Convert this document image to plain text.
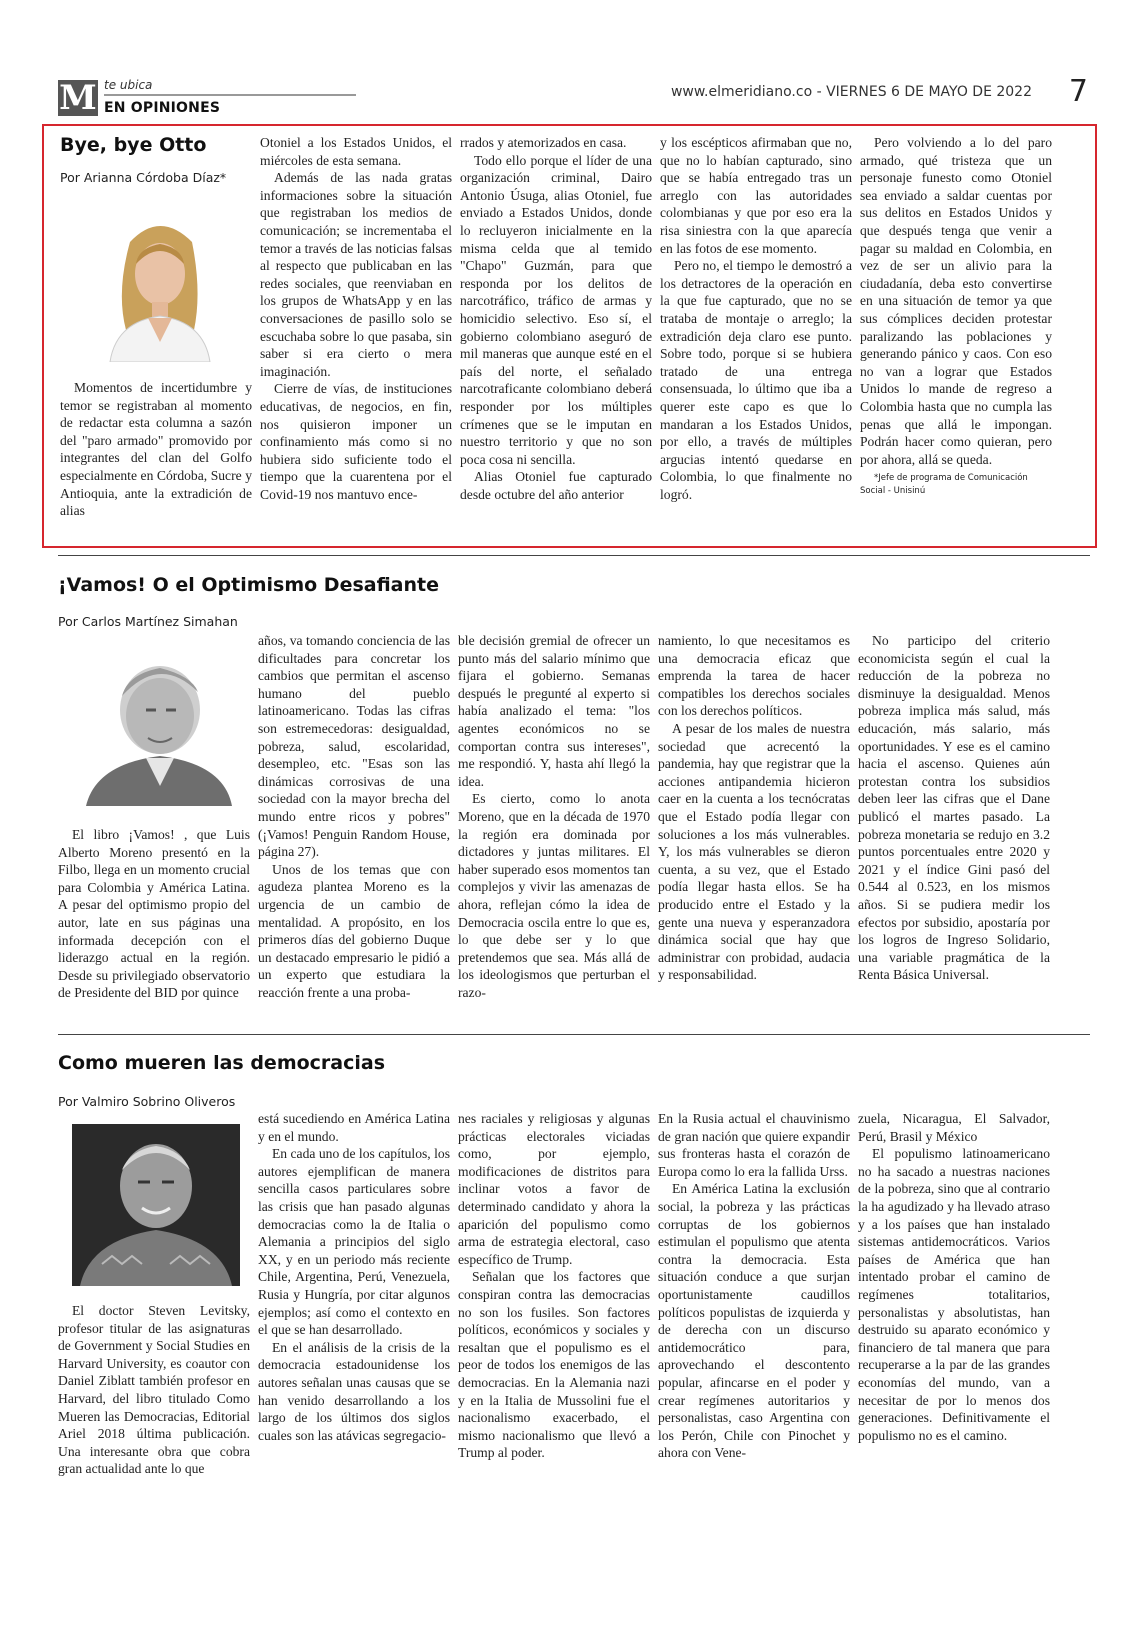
M te ubica
EN OPINIONES
www.elmeridiano.co - VIERNES 6 DE MAYO DE 2022 7
Bye, bye Otto
Por Arianna Córdoba Díaz*

Momentos de incertidumbre y temor se registraban al momento de redactar esta columna a sazón del "paro armado" promovido por integrantes del clan del Golfo especialmente en Córdoba, Sucre y Antioquia, ante la extradición de alias

Otoniel a los Estados Unidos, el miércoles de esta semana.

Además de las nada gratas informaciones sobre la situación que registraban los medios de comunicación; se incrementaba el temor a través de las noticias falsas al respecto que publicaban en las redes sociales, que reenviaban en los grupos de WhatsApp y en las conversaciones de pasillo solo se escuchaba sobre lo que pasaba, sin saber si era cierto o mera imaginación.

Cierre de vías, de instituciones educativas, de negocios, en fin, nos quisieron imponer un confinamiento más como si no hubiera sido suficiente todo el tiempo que la cuarentena por el Covid-19 nos mantuvo ence-

rrados y atemorizados en casa.

Todo ello porque el líder de una organización criminal, Dairo Antonio Úsuga, alias Otoniel, fue enviado a Estados Unidos, donde lo recluyeron inicialmente en la misma celda que al temido "Chapo" Guzmán, para que responda por los delitos de narcotráfico, tráfico de armas y homicidio selectivo. Eso sí, el gobierno colombiano aseguró de mil maneras que aunque esté en el país del norte, el señalado narcotraficante colombiano deberá responder por los múltiples crímenes que se le imputan en nuestro territorio y que no son poca cosa ni sencilla.

Alias Otoniel fue capturado desde octubre del año anterior

y los escépticos afirmaban que no, que no lo habían capturado, sino que se había entregado tras un arreglo con las autoridades colombianas y que por eso era la risa siniestra con la que aparecía en las fotos de ese momento.

Pero no, el tiempo le demostró a los detractores de la operación en la que fue capturado, que no se trataba de montaje o arreglo; la extradición deja claro ese punto. Sobre todo, porque si se hubiera tratado de una entrega consensuada, lo último que iba a querer este capo es que lo mandaran a los Estados Unidos, por ello, a través de múltiples argucias intentó quedarse en Colombia, lo que finalmente no logró.

Pero volviendo a lo del paro armado, qué tristeza que un personaje funesto como Otoniel sea enviado a saldar cuentas por sus delitos en Estados Unidos y que después tenga que venir a pagar su maldad en Colombia, en vez de ser un alivio para la ciudadanía, deba esto convertirse en una situación de temor ya que sus cómplices deciden protestar paralizando las poblaciones y generando pánico y caos. Con eso no van a lograr que Estados Unidos lo mande de regreso a Colombia hasta que no cumpla las penas que allá le impongan. Podrán hacer como quieran, pero por ahora, allá se queda.

*Jefe de programa de Comunicación Social - Unisinú
¡Vamos! O el Optimismo Desafiante
Por Carlos Martínez Simahan

El libro ¡Vamos! , que Luis Alberto Moreno presentó en la Filbo, llega en un momento crucial para Colombia y América Latina. A pesar del optimismo propio del autor, late en sus páginas una informada decepción con el liderazgo actual en la región. Desde su privilegiado observatorio de Presidente del BID por quince

años, va tomando conciencia de las dificultades para concretar los cambios que permitan el ascenso humano del pueblo latinoamericano. Todas las cifras son estremecedoras: desigualdad, pobreza, salud, escolaridad, desempleo, etc. "Esas son las dinámicas corrosivas de una sociedad con la mayor brecha del mundo entre ricos y pobres" (¡Vamos! Penguin Random House, página 27).

Unos de los temas que con agudeza plantea Moreno es la urgencia de un cambio de mentalidad. A propósito, en los primeros días del gobierno Duque un destacado empresario le pidió a un experto que estudiara la reacción frente a una proba-

ble decisión gremial de ofrecer un punto más del salario mínimo que fijara el gobierno. Semanas después le pregunté al experto si había analizado el tema: "los agentes económicos no se comportan contra sus intereses", me respondió. Y, hasta ahí llegó la idea.

Es cierto, como lo anota Moreno, que en la década de 1970 la región era dominada por dictadores y juntas militares. El haber superado esos momentos tan complejos y vivir las amenazas de ahora, reflejan cómo la idea de Democracia oscila entre lo que es, lo que debe ser y lo que pretendemos que sea. Más allá de los ideologismos que perturban el razo-

namiento, lo que necesitamos es una democracia eficaz que emprenda la tarea de hacer compatibles los derechos sociales con los derechos políticos.

A pesar de los males de nuestra sociedad que acrecentó la pandemia, hay que registrar que la acciones antipandemia hicieron caer en la cuenta a los tecnócratas que el Estado podía llegar con soluciones a los más vulnerables. Y, los más vulnerables se dieron cuenta, a su vez, que el Estado podía llegar hasta ellos. Se ha producido entre el Estado y la gente una nueva y esperanzadora dinámica social que hay que administrar con probidad, audacia y responsabilidad.

No participo del criterio economicista según el cual la reducción de la pobreza no disminuye la desigualdad. Menos pobreza implica más salud, más educación, más salario, más oportunidades. Y ese es el camino hacia el ascenso. Quienes aún protestan contra los subsidios deben leer las cifras que el Dane publicó el martes pasado. La pobreza monetaria se redujo en 3.2 puntos porcentuales entre 2020 y 2021 y el índice Gini pasó del 0.544 al 0.523, en los mismos años. Si se pudiera medir los efectos por subsidio, apostaría por los logros de Ingreso Solidario, una variable pragmática de la Renta Básica Universal.

Como mueren las democracias
Por Valmiro Sobrino Oliveros

El doctor Steven Levitsky, profesor titular de las asignaturas de Government y Social Studies en Harvard University, es coautor con Daniel Ziblatt también profesor en Harvard, del libro titulado Como Mueren las Democracias, Editorial Ariel 2018 última publicación. Una interesante obra que cobra gran actualidad ante lo que

está sucediendo en América Latina y en el mundo.

En cada uno de los capítulos, los autores ejemplifican de manera sencilla casos particulares sobre las crisis que han pasado algunas democracias como la de Italia o Alemania a principios del siglo XX, y en un periodo más reciente Chile, Argentina, Perú, Venezuela, Rusia y Hungría, por citar algunos ejemplos; así como el contexto en el que se han desarrollado.

En el análisis de la crisis de la democracia estadounidense los autores señalan unas causas que se han venido desarrollando a los largo de los últimos dos siglos cuales son las atávicas segregacio-

nes raciales y religiosas y algunas prácticas electorales viciadas como, por ejemplo, modificaciones de distritos para inclinar votos a favor de determinado candidato y ahora la aparición del populismo como arma de estrategia electoral, caso específico de Trump.

Señalan que los factores que conspiran contra las democracias no son los fusiles. Son factores políticos, económicos y sociales y resaltan que el populismo es el peor de todos los enemigos de las democracias. En la Alemania nazi y en la Italia de Mussolini fue el nacionalismo exacerbado, el mismo nacionalismo que llevó a Trump al poder.

En la Rusia actual el chauvinismo de gran nación que quiere expandir sus fronteras hasta el corazón de Europa como lo era la fallida Urss.

En América Latina la exclusión social, la pobreza y las prácticas corruptas de los gobiernos estimulan el populismo que atenta contra la democracia. Esta situación conduce a que surjan oportunistamente caudillos políticos populistas de izquierda y de derecha con un discurso antidemocrático para, aprovechando el descontento popular, afincarse en el poder y crear regímenes autoritarios y personalistas, caso Argentina con los Perón, Chile con Pinochet y ahora con Vene-

zuela, Nicaragua, El Salvador, Perú, Brasil y México

El populismo latinoamericano no ha sacado a nuestras naciones de la pobreza, sino que al contrario la ha agudizado y ha llevado atraso y a los países que han instalado sistemas antidemocráticos. Varios países de América que han intentado probar el camino de regímenes totalitarios, personalistas y absolutistas, han destruido su aparato económico y financiero de tal manera que para recuperarse a la par de las grandes economías del mundo, van a necesitar de por lo menos dos generaciones. Definitivamente el populismo no es el camino.
